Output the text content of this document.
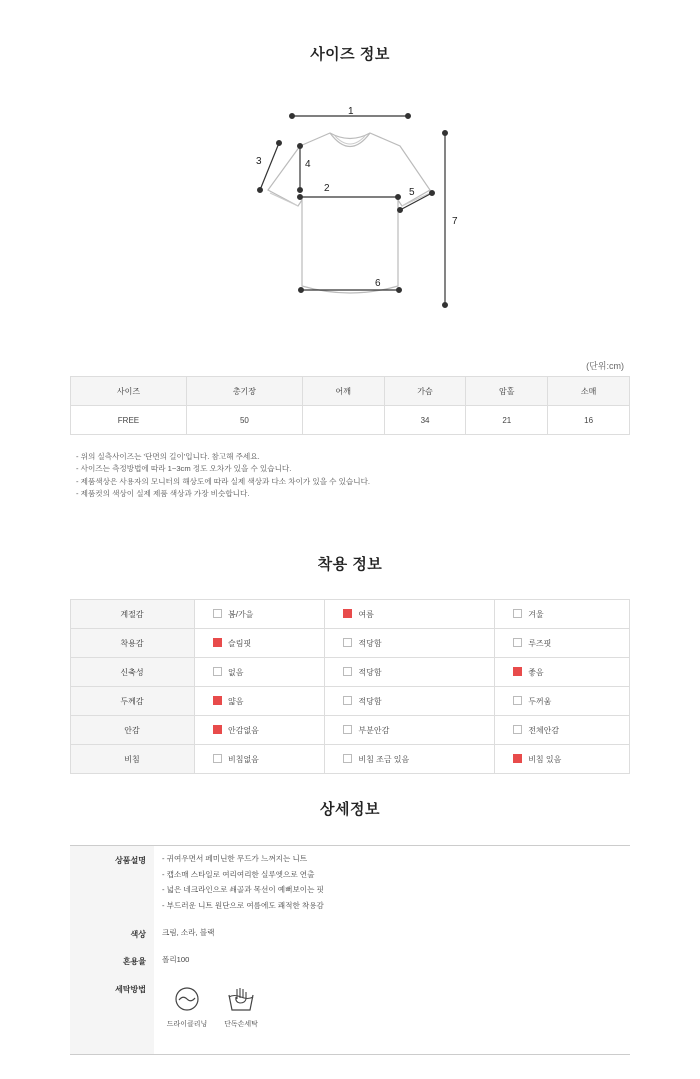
사이즈 정보
1
2
3	4
5
6
7
(단위:cm)
사이즈	총기장	어깨	가슴	암홀	소매
FREE	50		34	21	16
- 위의 실측사이즈는 '단면의 길이'입니다. 참고해 주세요.
- 사이즈는 측정방법에 따라 1~3cm 정도 오차가 있을 수 있습니다.
- 제품색상은 사용자의 모니터의 해상도에 따라 실제 색상과 다소 차이가 있을 수 있습니다.
- 제품컷의 색상이 실제 제품 색상과 가장 비슷합니다.
착용 정보
계절감	봄/가을	여름	겨울
착용감	슬림핏	적당함	루즈핏
신축성	없음	적당함	좋음
두께감	얇음	적당함	두꺼움
안감	안감없음	부분안감	전체안감
비침	비침없음	비침 조금 있음	비침 있음
상세정보
상품설명 - 귀여우면서 페미닌한 무드가 느껴지는 니트
- 캡소매 스타일로 여리여리한 실루엣으로 연출
- 넓은 네크라인으로 쇄골과 목선이 예뻐보이는 핏
- 부드러운 니트 원단으로 여름에도 쾌적한 착용감
색상 크림, 소라, 블랙
혼용율 폴리100
세탁방법
드라이클리닝	단독손세탁
